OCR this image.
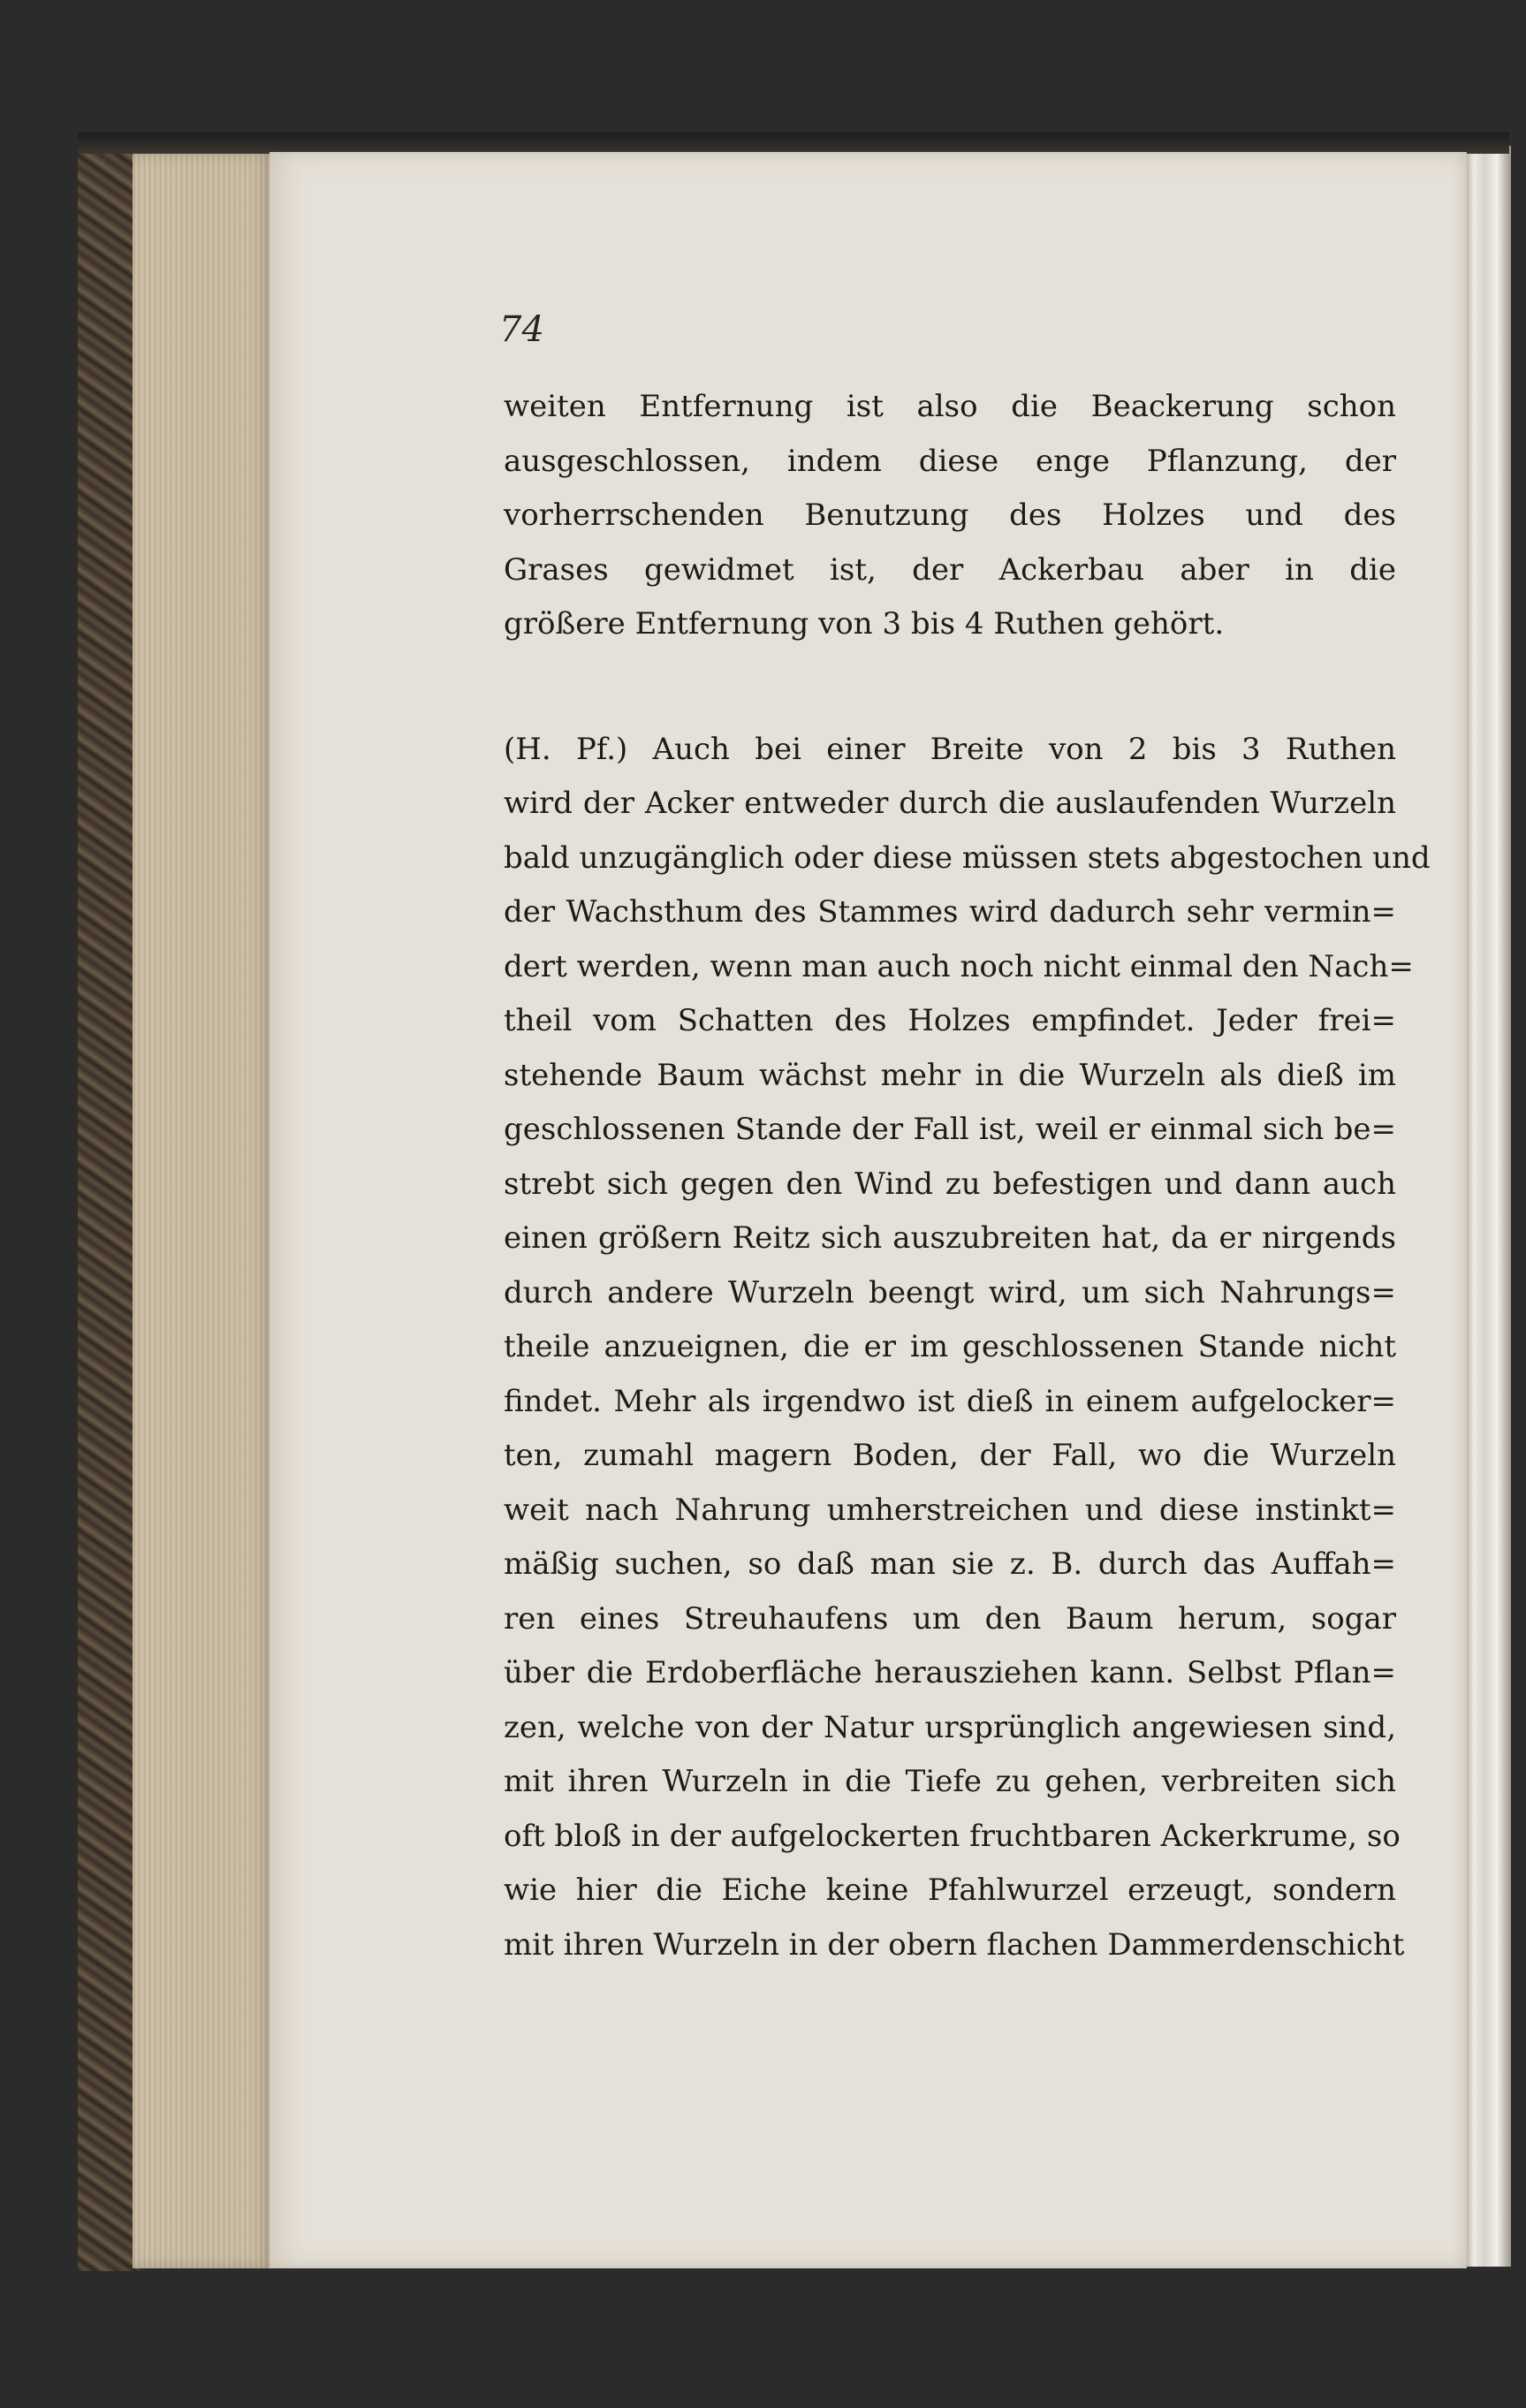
74
weiten Entfernung ist also die Beackerung schon
ausgeschlossen, indem diese enge Pflanzung, der
vorherrschenden Benutzung des Holzes und des
Grases gewidmet ist, der Ackerbau aber in die
größere Entfernung von 3 bis 4 Ruthen gehört.
(H. Pf.) Auch bei einer Breite von 2 bis 3 Ruthen
wird der Acker entweder durch die auslaufenden Wurzeln
bald unzugänglich oder diese müssen stets abgestochen und
der Wachsthum des Stammes wird dadurch sehr vermin=
dert werden, wenn man auch noch nicht einmal den Nach=
theil vom Schatten des Holzes empfindet. Jeder frei=
stehende Baum wächst mehr in die Wurzeln als dieß im
geschlossenen Stande der Fall ist, weil er einmal sich be=
strebt sich gegen den Wind zu befestigen und dann auch
einen größern Reitz sich auszubreiten hat, da er nirgends
durch andere Wurzeln beengt wird, um sich Nahrungs=
theile anzueignen, die er im geschlossenen Stande nicht
findet. Mehr als irgendwo ist dieß in einem aufgelocker=
ten, zumahl magern Boden, der Fall, wo die Wurzeln
weit nach Nahrung umherstreichen und diese instinkt=
mäßig suchen, so daß man sie z. B. durch das Auffah=
ren eines Streuhaufens um den Baum herum, sogar
über die Erdoberfläche herausziehen kann. Selbst Pflan=
zen, welche von der Natur ursprünglich angewiesen sind,
mit ihren Wurzeln in die Tiefe zu gehen, verbreiten sich
oft bloß in der aufgelockerten fruchtbaren Ackerkrume, so
wie hier die Eiche keine Pfahlwurzel erzeugt, sondern
mit ihren Wurzeln in der obern flachen Dammerdenschicht
